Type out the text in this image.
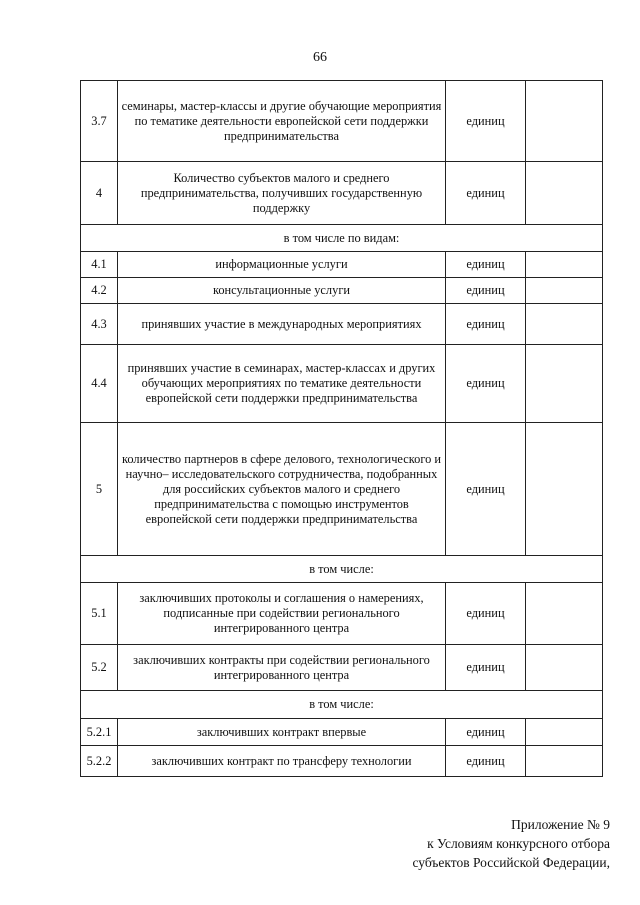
66
3.7	семинары, мастер-классы и другие обучающие мероприятия по тематике деятельности европейской сети поддержки предпринимательства	единиц	
4	Количество субъектов малого и среднего предпринимательства, получивших государственную поддержку	единиц	
в том числе по видам:			
4.1	информационные услуги	единиц	
4.2	консультационные услуги	единиц	
4.3	принявших участие в международных мероприятиях	единиц	
4.4	принявших участие в семинарах, мастер-классах и других обучающих мероприятиях по тематике деятельности европейской сети поддержки предпринимательства	единиц	
5	количество партнеров в сфере делового, технологического и научно– исследовательского сотрудничества, подобранных для российских субъектов малого и среднего предпринимательства с помощью инструментов европейской сети поддержки предпринимательства	единиц	
в том числе:			
5.1	заключивших протоколы и соглашения о намерениях, подписанные при содействии регионального интегрированного центра	единиц	
5.2	заключивших контракты при содействии регионального интегрированного центра	единиц	
в том числе:			
5.2.1	заключивших контракт впервые	единиц	
5.2.2	заключивших контракт по трансферу технологии	единиц	
Приложение № 9
к Условиям конкурсного отбора
субъектов Российской Федерации,
